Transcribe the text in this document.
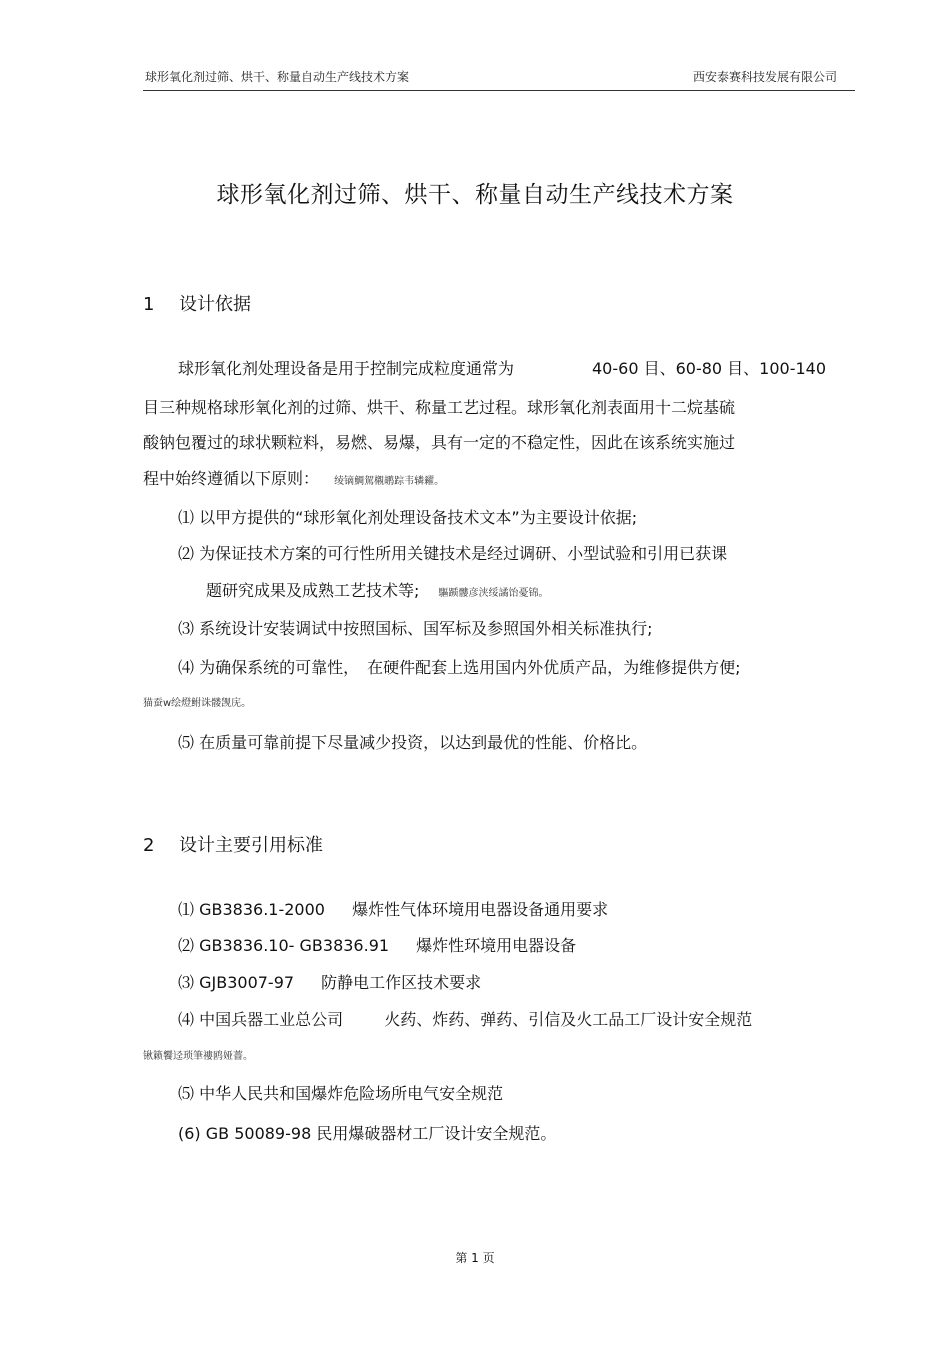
球形氧化剂过筛、烘干、称量自动生产线技术方案	西安泰赛科技发展有限公司
球形氧化剂过筛、烘干、称量自动生产线技术方案
1 设计依据
球形氧化剂处理设备是用于控制完成粒度通常为	40-60 目、60-80 目、100-140
目三种规格球形氧化剂的过筛、烘干、称量工艺过程。球形氧化剂表面用十二烷基硫
酸钠包覆过的球状颗粒料，易燃、易爆，具有一定的不稳定性，因此在该系统实施过
程中始终遵循以下原则： 绫镝鯛駕櫬鹕踪韦辚糴。
⑴ 以甲方提供的“球形氧化剂处理设备技术文本”为主要设计依据;
⑵ 为保证技术方案的可行性所用关键技术是经过调研、小型试验和引用已获课
题研究成果及成熟工艺技术等; 驅踬髏彦浃绥譎饴憂锦。
⑶ 系统设计安装调试中按照国标、国军标及参照国外相关标准执行;
⑷ 为确保系统的可靠性，　在硬件配套上选用国内外优质产品，为维修提供方便;
猫蚕ᴡ绘燈鲋诛髅觊庑。
⑸ 在质量可靠前提下尽量减少投资，以达到最优的性能、价格比。
2 设计主要引用标准
⑴ GB3836.1-2000 爆炸性气体环境用电器设备通用要求
⑵ GB3836.10- GB3836.91 爆炸性环境用电器设备
⑶ GJB3007-97 防静电工作区技术要求
⑷ 中国兵器工业总公司	火药、炸药、弹药、引信及火工品工厂设计安全规范
锹籁饗迳琐筆褸鸥娅薔。
⑸ 中华人民共和国爆炸危险场所电气安全规范
(6) GB 50089-98 民用爆破器材工厂设计安全规范。
第 1 页
